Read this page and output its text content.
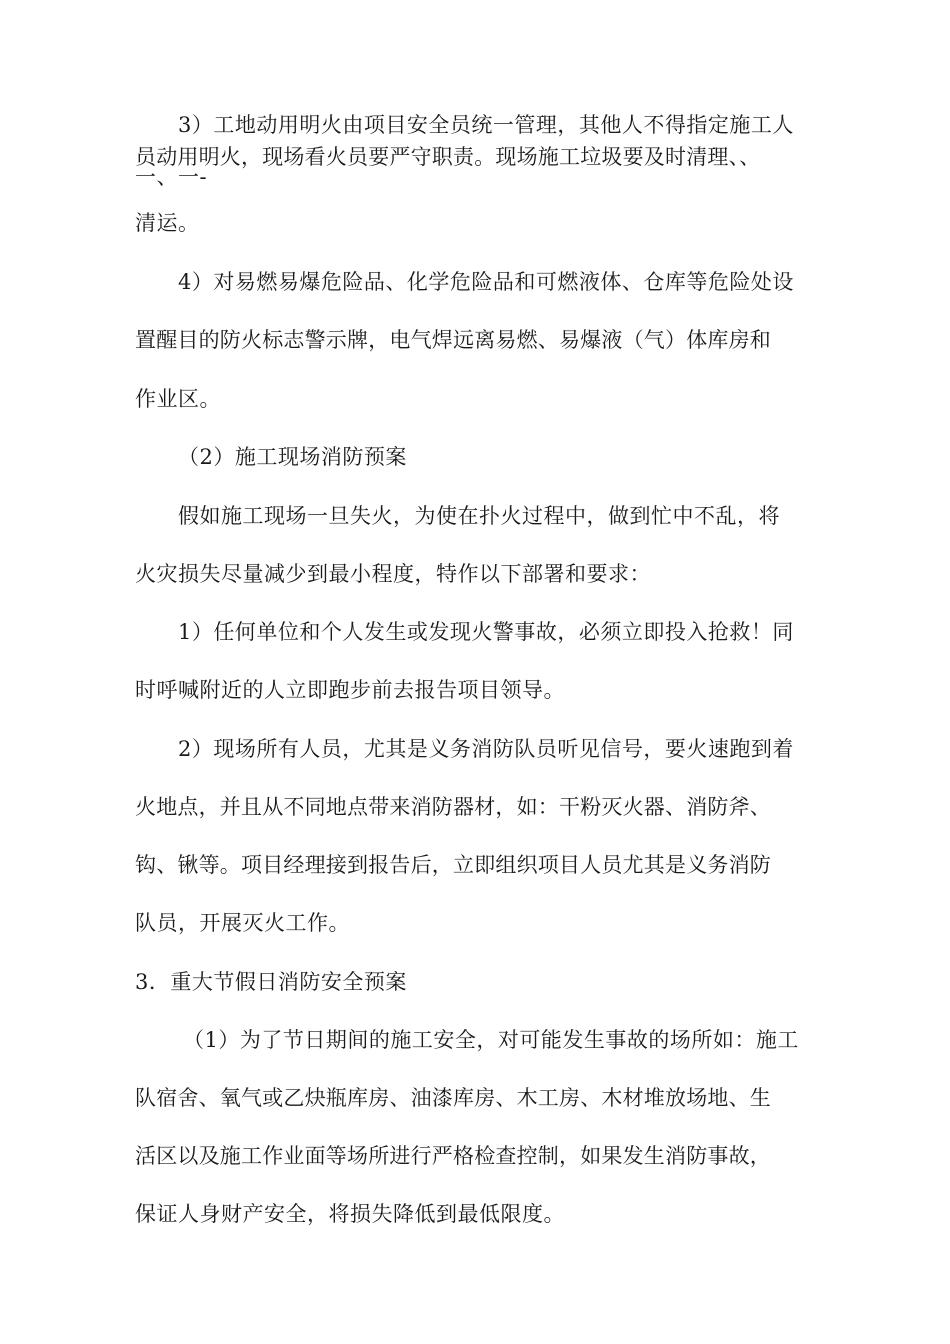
3）工地动用明火由项目安全员统一管理，其他人不得指定施工人
员动用明火，现场看火员要严守职责。现场施工垃圾要及时清理、、
一、一-
清运。
4）对易燃易爆危险品、化学危险品和可燃液体、仓库等危险处设
置醒目的防火标志警示牌，电气焊远离易燃、易爆液（气）体库房和
作业区。
（2）施工现场消防预案
假如施工现场一旦失火，为使在扑火过程中，做到忙中不乱，将
火灾损失尽量减少到最小程度，特作以下部署和要求：
1）任何单位和个人发生或发现火警事故，必须立即投入抢救！同
时呼喊附近的人立即跑步前去报告项目领导。
2）现场所有人员，尤其是义务消防队员听见信号，要火速跑到着
火地点，并且从不同地点带来消防器材，如：干粉灭火器、消防斧、
钩、锹等。项目经理接到报告后，立即组织项目人员尤其是义务消防
队员，开展灭火工作。
3．重大节假日消防安全预案
（1）为了节日期间的施工安全，对可能发生事故的场所如：施工
队宿舍、氧气或乙炔瓶库房、油漆库房、木工房、木材堆放场地、生
活区以及施工作业面等场所进行严格检查控制，如果发生消防事故，
保证人身财产安全，将损失降低到最低限度。
